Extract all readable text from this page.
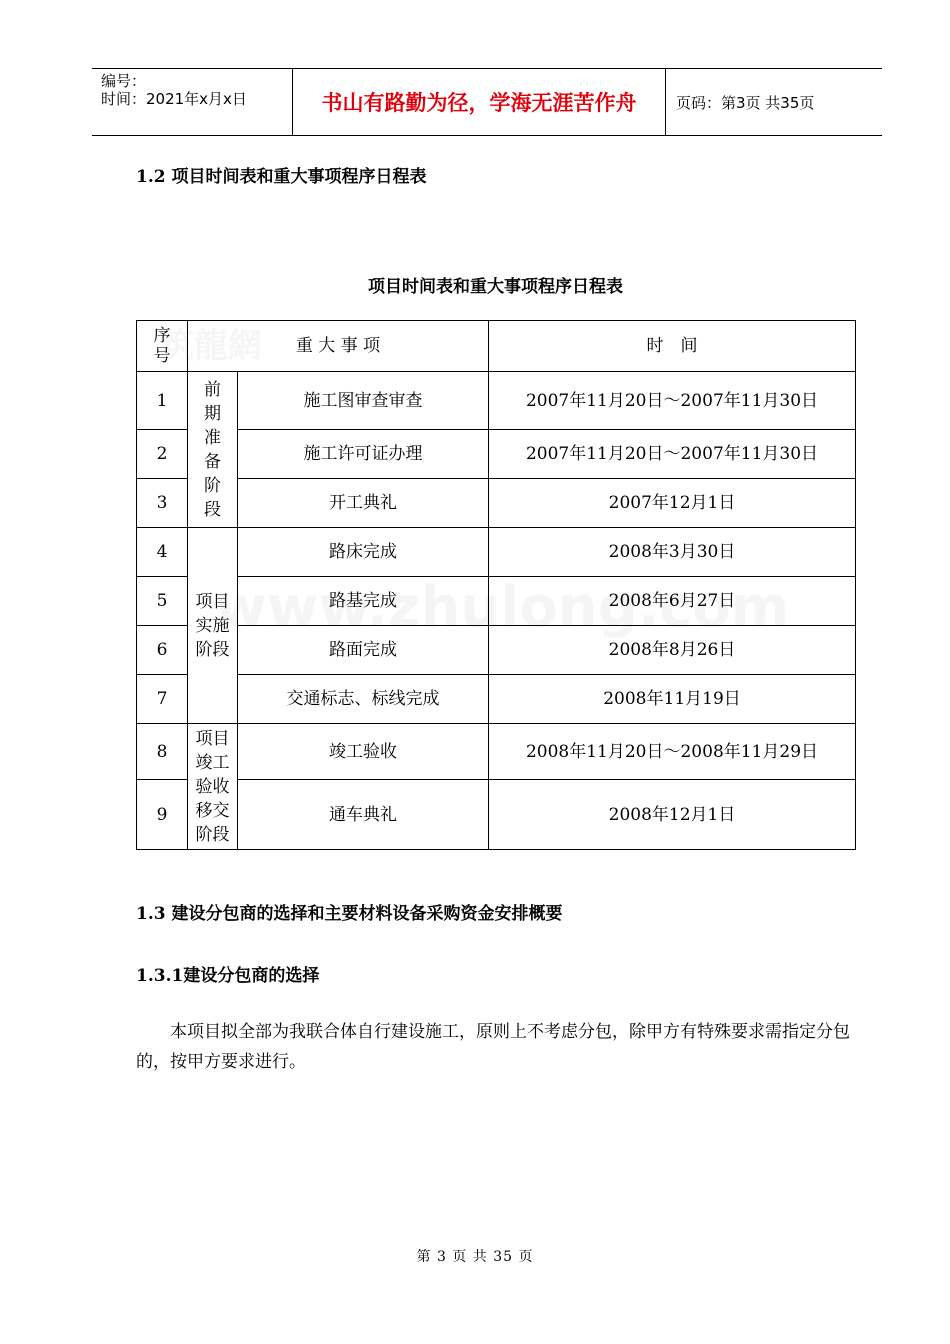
编号：
时间：2021年x月x日	书山有路勤为径，学海无涯苦作舟	页码：第3页 共35页
1.2 项目时间表和重大事项程序日程表
项目时间表和重大事项程序日程表
序号	重 大 事 项		时　间
1	前期准备阶段	施工图审查审查	2007年11月20日～2007年11月30日
2		施工许可证办理	2007年11月20日～2007年11月30日
3		开工典礼	2007年12月1日
4	项目实施阶段	路床完成	2008年3月30日
5		路基完成	2008年6月27日
6		路面完成	2008年8月26日
7		交通标志、标线完成	2008年11月19日
8	项目竣工验收移交阶段	竣工验收	2008年11月20日～2008年11月29日
9		通车典礼	2008年12月1日
1.3 建设分包商的选择和主要材料设备采购资金安排概要
1.3.1建设分包商的选择
本项目拟全部为我联合体自行建设施工，原则上不考虑分包，除甲方有特殊要求需指定分包的，按甲方要求进行。
第 3 页 共 35 页
